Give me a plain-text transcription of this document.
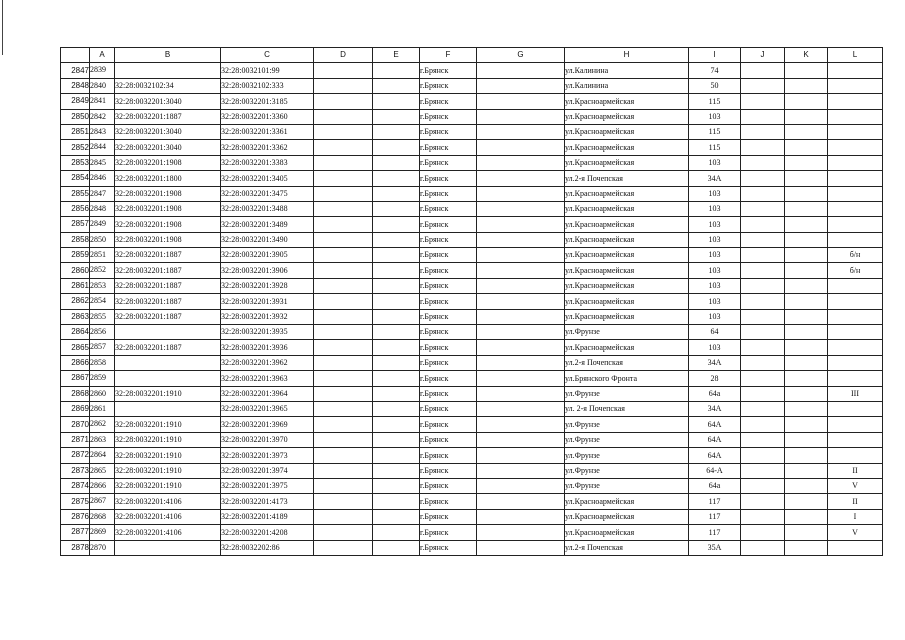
	A	B	C	D	E	F	G	H	I	J	K	L
2847	2839		32:28:0032101:99			г.Брянск		ул.Калинина	74			
2848	2840	32:28:0032102:34	32:28:0032102:333			г.Брянск		ул.Калинина	50			
2849	2841	32:28:0032201:3040	32:28:0032201:3185			г.Брянск		ул.Красноармейская	115			
2850	2842	32:28:0032201:1887	32:28:0032201:3360			г.Брянск		ул.Красноармейская	103			
2851	2843	32:28:0032201:3040	32:28:0032201:3361			г.Брянск		ул.Красноармейская	115			
2852	2844	32:28:0032201:3040	32:28:0032201:3362			г.Брянск		ул.Красноармейская	115			
2853	2845	32:28:0032201:1908	32:28:0032201:3383			г.Брянск		ул.Красноармейская	103			
2854	2846	32:28:0032201:1800	32:28:0032201:3405			г.Брянск		ул.2-я Почепская	34А			
2855	2847	32:28:0032201:1908	32:28:0032201:3475			г.Брянск		ул.Красноармейская	103			
2856	2848	32:28:0032201:1908	32:28:0032201:3488			г.Брянск		ул.Красноармейская	103			
2857	2849	32:28:0032201:1908	32:28:0032201:3489			г.Брянск		ул.Красноармейская	103			
2858	2850	32:28:0032201:1908	32:28:0032201:3490			г.Брянск		ул.Красноармейская	103			
2859	2851	32:28:0032201:1887	32:28:0032201:3905			г.Брянск		ул.Красноармейская	103			б/н
2860	2852	32:28:0032201:1887	32:28:0032201:3906			г.Брянск		ул.Красноармейская	103			б/н
2861	2853	32:28:0032201:1887	32:28:0032201:3928			г.Брянск		ул.Красноармейская	103			
2862	2854	32:28:0032201:1887	32:28:0032201:3931			г.Брянск		ул.Красноармейская	103			
2863	2855	32:28:0032201:1887	32:28:0032201:3932			г.Брянск		ул.Красноармейская	103			
2864	2856		32:28:0032201:3935			г.Брянск		ул.Фрунзе	64			
2865	2857	32:28:0032201:1887	32:28:0032201:3936			г.Брянск		ул.Красноармейская	103			
2866	2858		32:28:0032201:3962			г.Брянск		ул.2-я Почепская	34А			
2867	2859		32:28:0032201:3963			г.Брянск		ул.Брянского Фронта	28			
2868	2860	32:28:0032201:1910	32:28:0032201:3964			г.Брянск		ул.Фрунзе	64а			III
2869	2861		32:28:0032201:3965			г.Брянск		ул. 2-я Почепская	34А			
2870	2862	32:28:0032201:1910	32:28:0032201:3969			г.Брянск		ул.Фрунзе	64А			
2871	2863	32:28:0032201:1910	32:28:0032201:3970			г.Брянск		ул.Фрунзе	64А			
2872	2864	32:28:0032201:1910	32:28:0032201:3973			г.Брянск		ул.Фрунзе	64А			
2873	2865	32:28:0032201:1910	32:28:0032201:3974			г.Брянск		ул.Фрунзе	64-А			II
2874	2866	32:28:0032201:1910	32:28:0032201:3975			г.Брянск		ул.Фрунзе	64а			V
2875	2867	32:28:0032201:4106	32:28:0032201:4173			г.Брянск		ул.Красноармейская	117			II
2876	2868	32:28:0032201:4106	32:28:0032201:4189			г.Брянск		ул.Красноармейская	117			I
2877	2869	32:28:0032201:4106	32:28:0032201:4208			г.Брянск		ул.Красноармейская	117			V
2878	2870		32:28:0032202:86			г.Брянск		ул.2-я Почепская	35А			
